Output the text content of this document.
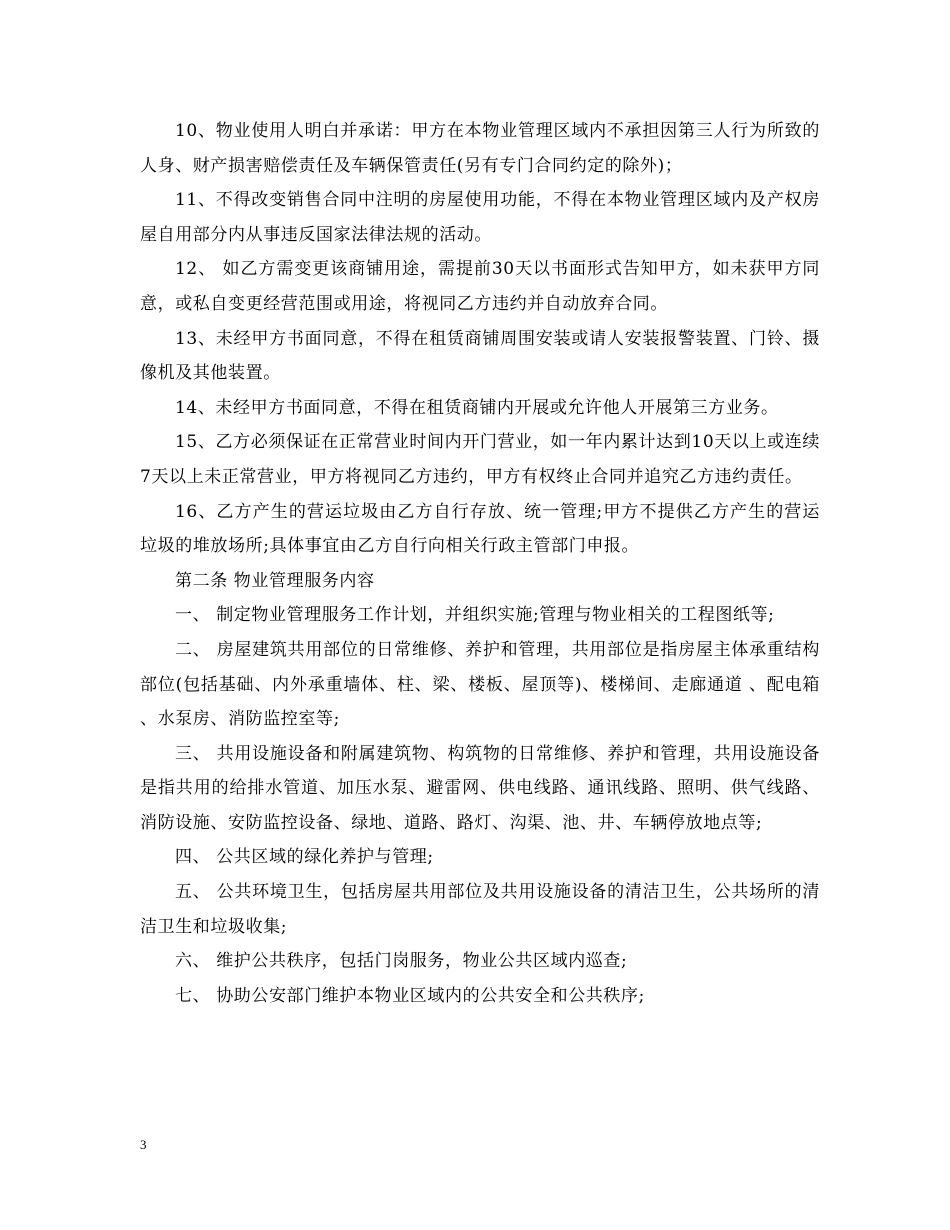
10、物业使用人明白并承诺：甲方在本物业管理区域内不承担因第三人行为所致的人身、财产损害赔偿责任及车辆保管责任(另有专门合同约定的除外)；

11、不得改变销售合同中注明的房屋使用功能，不得在本物业管理区域内及产权房屋自用部分内从事违反国家法律法规的活动。

12、 如乙方需变更该商铺用途，需提前30天以书面形式告知甲方，如未获甲方同意，或私自变更经营范围或用途，将视同乙方违约并自动放弃合同。

13、未经甲方书面同意，不得在租赁商铺周围安装或请人安装报警装置、门铃、摄像机及其他装置。

14、未经甲方书面同意，不得在租赁商铺内开展或允许他人开展第三方业务。

15、乙方必须保证在正常营业时间内开门营业，如一年内累计达到10天以上或连续7天以上未正常营业，甲方将视同乙方违约，甲方有权终止合同并追究乙方违约责任。

16、乙方产生的营运垃圾由乙方自行存放、统一管理;甲方不提供乙方产生的营运垃圾的堆放场所;具体事宜由乙方自行向相关行政主管部门申报。

第二条 物业管理服务内容

一、 制定物业管理服务工作计划，并组织实施;管理与物业相关的工程图纸等;

二、 房屋建筑共用部位的日常维修、养护和管理，共用部位是指房屋主体承重结构部位(包括基础、内外承重墙体、柱、梁、楼板、屋顶等)、楼梯间、走廊通道 、配电箱 、水泵房、消防监控室等;

三、 共用设施设备和附属建筑物、构筑物的日常维修、养护和管理，共用设施设备是指共用的给排水管道、加压水泵、避雷网、供电线路、通讯线路、照明、供气线路、消防设施、安防监控设备、绿地、道路、路灯、沟渠、池、井、车辆停放地点等;

四、 公共区域的绿化养护与管理;

五、 公共环境卫生，包括房屋共用部位及共用设施设备的清洁卫生，公共场所的清洁卫生和垃圾收集;

六、 维护公共秩序，包括门岗服务，物业公共区域内巡查;

七、 协助公安部门维护本物业区域内的公共安全和公共秩序;

3
